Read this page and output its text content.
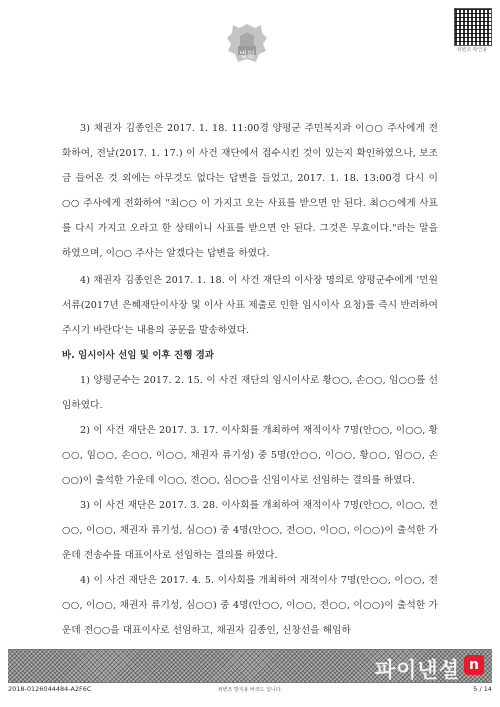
법원	위변조 확인용

3) 채권자 김종인은 2017. 1. 18. 11:00경 양평군 주민복지과 이○○ 주사에게 전화하여, 전날(2017. 1. 17.) 이 사건 재단에서 접수시킨 것이 있는지 확인하였으나, 보조금 들어온 것 외에는 아무것도 없다는 답변을 들었고, 2017. 1. 18. 13:00경 다시 이○○ 주사에게 전화하여 "최○○ 이 가지고 오는 사표를 받으면 안 된다. 최○○에게 사표를 다시 가지고 오라고 한 상태이니 사표를 받으면 안 된다. 그것은 무효이다."라는 말을 하였으며, 이○○ 주사는 알겠다는 답변을 하였다.

4) 채권자 김종인은 2017. 1. 18. 이 사건 재단의 이사장 명의로 양평군수에게 '민원서류(2017년 은혜재단이사장 및 이사 사표 제출로 인한 임시이사 요청)를 즉시 반려하여 주시기 바란다'는 내용의 공문을 발송하였다.

바. 임시이사 선임 및 이후 진행 경과

1) 양평군수는 2017. 2. 15. 이 사건 재단의 임시이사로 황○○, 손○○, 임○○를 선임하였다.

2) 이 사건 재단은 2017. 3. 17. 이사회를 개최하여 재적이사 7명(안○○, 이○○, 황○○, 임○○, 손○○, 이○○, 채권자 류기성) 중 5명(안○○, 이○○, 황○○, 임○○, 손○○)이 출석한 가운데 이○○, 전○○, 심○○을 신임이사로 선임하는 결의를 하였다.

3) 이 사건 재단은 2017. 3. 28. 이사회를 개최하여 재적이사 7명(안○○, 이○○, 전○○, 이○○, 채권자 류기성, 심○○) 중 4명(안○○, 전○○, 이○○, 이○○)이 출석한 가운데 전송수를 대표이사로 선임하는 결의를 하였다.

4) 이 사건 재단은 2017. 4. 5. 이사회를 개최하여 재적이사 7명(안○○, 이○○, 전○○, 이○○, 채권자 류기성, 심○○) 중 4명(안○○, 이○○, 전○○, 이○○)이 출석한 가운데 전○○을 대표이사로 선임하고, 채권자 김종인, 신창선을 해임하

파이낸셜 n
2018-0126044484-A2F6C	위변조 방지용 바코드 입니다.	5 / 14
